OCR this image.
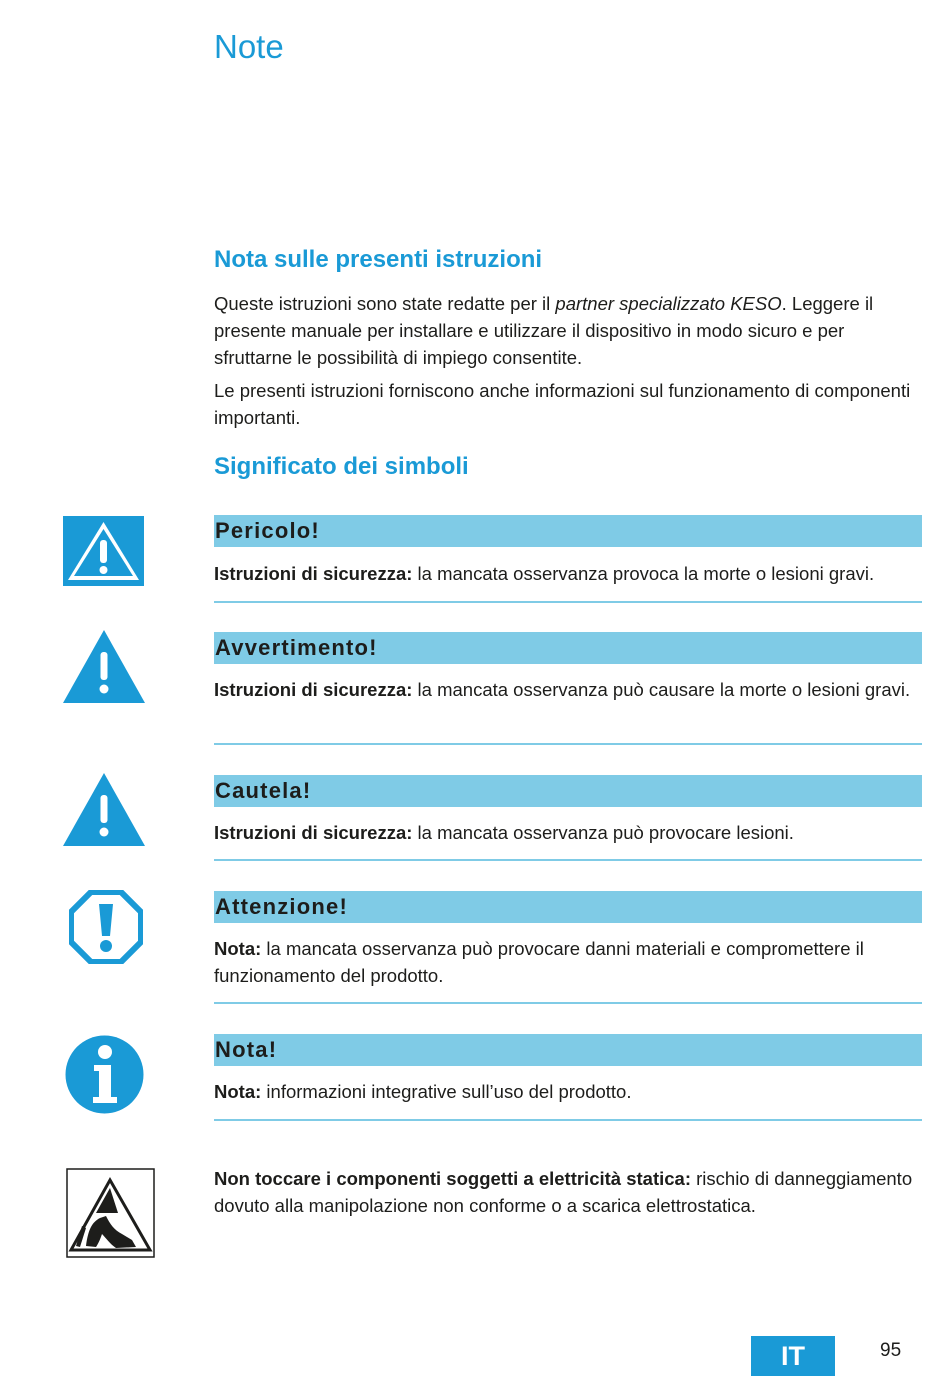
Note
Nota sulle presenti istruzioni

Queste istruzioni sono state redatte per il partner specializzato KESO. Leggere il presente manuale per installare e utilizzare il dispositivo in modo sicuro e per sfruttarne le possibilità di impiego consentite.

Le presenti istruzioni forniscono anche informazioni sul funzionamento di componenti importanti.

Significato dei simboli
Pericolo!

Istruzioni di sicurezza: la mancata osservanza provoca la morte o lesioni gravi.

Avvertimento!

Istruzioni di sicurezza: la mancata osservanza può causare la morte o lesioni gravi.

Cautela!

Istruzioni di sicurezza: la mancata osservanza può provocare lesioni.

Attenzione!

Nota: la mancata osservanza può provocare danni materiali e compromettere il funzionamento del prodotto.

Nota!

Nota: informazioni integrative sull’uso del prodotto.

Non toccare i componenti soggetti a elettricità statica: rischio di danneggiamento dovuto alla manipolazione non conforme o a scarica elettrostatica.

IT	95
